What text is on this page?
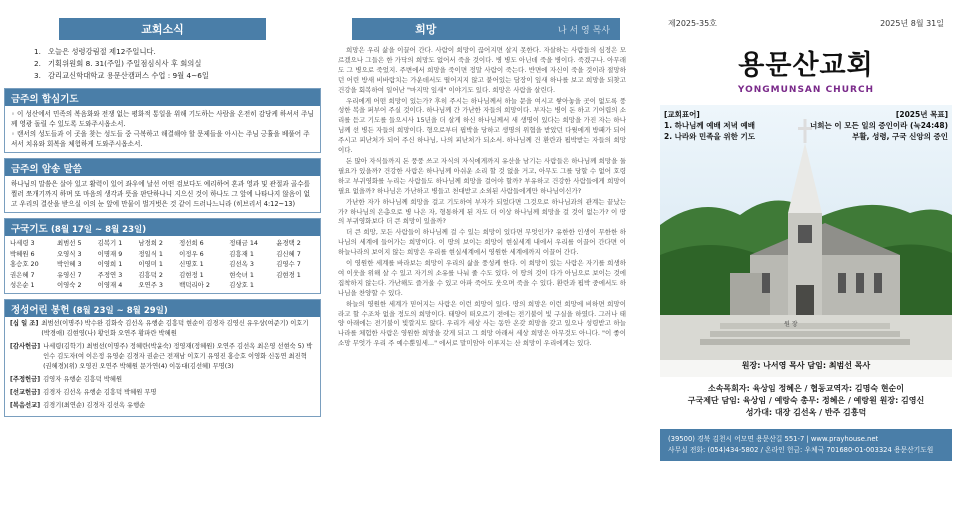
교회소식
1. 오늘은 성령강림절 제12주일니다.
2. 기획위원회 8. 31(주일) 주일점심식사 후 회의실
3. 감리교신학대학교 용문산캠퍼스 수업 : 9월 4~6일
금주의 합심기도

◦ 이 성산에서 민족의 복음화와 전쟁 없는 평화적 통일을 위해 기도하는 사람을 온전히 감당케 하셔서 주님께 영광 돌릴 수 있도록 도와주시옵소서.

◦ 랜서의 성도들과 이 곳을 찾는 성도들 중 극복하고 해결해야 할 문제들을 아시는 주님 긍휼을 베풀어 주셔서 치유와 회복을 체험하게 도와주시옵소서.

금주의 암송 말씀

하나님의 말씀은 살아 있고 활력이 있어 좌우에 날선 어떤 검보다도 예리하여 혼과 영과 및 관절과 골수를 찔러 쪼개기까지 하며 또 마음의 생각과 뜻을 판단하나니 지으신 것이 하나도 그 앞에 나타나지 않음이 없고 우리의 결산을 받으실 이의 눈 앞에 만물이 벌거벗은 것 같이 드러나느니라 (히브리서 4:12~13)

구국기도 (8월 17일 ~ 8월 23일)
나세령 3	최범선 5	김복기 1	남경희 2	정선희 6	정태금 14	윤경택 2
박혜원 6	오영식 3	이명재 9	정일식 1	이정우 6	김흥재 1	김신혜 7
홍승호 20	박인혜 3	이영희 1	이영미 1	신명호 1	김선옥 3	김영수 7
권은혜 7	유영신 7	주정연 3	김흥덕 2	김현정 1	현숙녀 1	김현경 1
성은순 1	이영숙 2	이영재 4	오연주 3	백덕리아 2	김상호 1	
정성어린 봉헌 (8월 23일 ~ 8월 29일)
[십 일 조] 최범선(이명주) 박수완 김화숙 김선옥 유행순 김흥덕 현순이 김경자 김영신 유우상(여준기) 이호기(박경애) 김현영(나) 황인화 오연주 황파란 박혜원
[감사헌금] 나세령(김학기) 최범선(이명주) 정혜란(박윤숙) 정영재(정혜원) 오연주 김선옥 최은영 선현숙 5) 박인수 김도자(여 이은정 유영순 김경자 권순근 전재남 이호기 유영진 홍승호 이영화 신동연 최진혁(권혜경)(위) 오영진 오연주 박혜원 문가연(4) 이동대(김선혜) 무명(3)
[주정헌금] 김영자 유행순 김흥덕 박혜원
[선교헌금] 김경자 김선옥 유행순 김흥덕 박혜원 무명
[복음선교] 김경기(최연순) 김경자 김선옥 유행순
희망	나 서 영 목사

희망은 우리 삶을 이끌어 간다. 사람이 희망이 끊어지면 살지 못한다. 자살하는 사람들의 심정은 모르겠으나 그들은 한 가닥의 희망도 없어서 죽을 것이다. 병 병도 아닌데 죽을 병이다. 죽겠구나. 아무래도 그 병으로 죽었지. 주변에서 희망을 죽이면 정말 사람이 죽는다. 반면에 자신이 죽을 것이라 절망하던 어린 방새 비바람치는 가운데서도 떨어지지 않고 붙어있는 담장이 잎새 하나를 보고 희망을 되찾고 건강을 회복하여 일어난 "마지막 잎새" 이야기도 있다. 희망은 사람을 살린다.

우리에게 어떤 희망이 있는가? 후히 주시는 하나님께서 하늘 문을 여시고 쌓아놓을 곳이 없도록 풍성한 복을 퍼부어 주실 것이다. 하나님께 간 가난한 자들의 희망이다. 부자는 병이 돈 하고 기어렵의 소리를 듣고 기도를 들으시사 15년을 더 살게 하신 하나님께서 새 생명이 있다는 희망을 가진 자는 하나님께 선 병든 자들의 희망이다. 형으로부터 핍박을 당하고 생명의 위협을 받았던 다윗에게 방패가 되어 주시고 피난처가 되어 주신 하나님, 나의 피난처가 되소서. 하나님께 건 환란과 핍박받는 자들의 희망이다.

돈 많아 자식들까지 돈 풍풍 쓰고 자식의 자식에게까지 유산을 남기는 사람들은 하나님께 희망을 둘 필요가 있을까? 건강한 사람은 하나님께 아쉬운 소리 할 것 없을 거고, 아무도 그를 당할 수 없어 호령하고 부귀영화를 누리는 사람들도 하나님께 희망을 걸어야 할까? 부유하고 건강한 사람들에게 희망이 필요 없을까? 하나님은 가난하고 병들고 천대받고 소외된 사람들에게만 하나님이신가?

가난한 자가 하나님께 희망을 걸고 기도하여 부자가 되었다면 그것으로 하나님과의 관계는 끝났는가? 하나님의 은총으로 병 나은 자, 형통하게 된 자도 더 이상 하나님께 희망을 걸 것이 없는가? 이 땅의 부귀영화보다 더 큰 희망이 있을까?

더 큰 희망, 모든 사람들이 하나님께 걸 수 있는 희망이 있다면 무엇인가? 유한한 인생이 무한한 하나님의 세계에 들어가는 희망이다. 이 땅의 보이는 희망이 현실세계 내에서 우리를 이끌어 간다면 이 하늘나라의 보이지 않는 희망은 우리를 현실세계에서 영원한 세계에까지 이끌어 간다.

이 영원한 세계를 바라보는 희망이 우리의 삶을 풍성케 한다. 이 희망이 있는 사람은 자기를 희생하여 이웃을 위해 살 수 있고 자기의 소유를 나눠 줄 수도 있다. 이 땅의 것이 다가 아님으로 보이는 것에 집착하지 않는다. 가난해도 즐거울 수 있고 아파 죽어도 웃으며 죽을 수 있다. 환란과 핍박 중에서도 하나님을 찬양할 수 있다.

하늘의 영원한 세계가 믿어지는 사람은 이런 희망이 있다. 땅의 희망은 이런 희망에 비하면 희망이라고 할 수조차 없을 정도의 희망이다. 태양이 떠오르기 전에는 전기불이 빛 구실을 하였다. 그러나 태양 아래에는 전기불이 빛깔지도 않다. 우리가 세상 사는 동안 온갖 희망을 갖고 있으나 성령받고 하늘나라를 체험한 사람은 영원한 희망을 갖게 되고 그 희망 아래서 세상 희망은 아무것도 아니다. "이 좋이 소망 무엇가 우리 주 예수뿐일세..." 에서로 말미암아 이루지는 산 희망이 우리에게는 있다.

제2025-35호	2025년 8월 31일
용문산교회
YONGMUNSAN CHURCH
[교회표어]
1. 하나님께 예배 저녁 예배
2. 나라와 민족을 위한 기도
[2025년 목표]
너희는 이 모든 일의 증인이라 (눅24:48)
부활, 성령, 구국 신앙의 증인
원 장
원장: 나서영 목사 담임: 최범선 목사
소속목회자: 육상임 정혜은 / 협동교역자: 김명숙 현순이
구국제단 담임: 육상임 / 예랑숙 총무: 정혜은 / 예랑원 원장: 김영신
성가대: 대장 김선옥 / 반주 김흥덕
(39500) 경북 김천시 어모면 용문산길 551-7 | www.prayhouse.net
사무실 전화: (054)434-5802 / 온라인 헌금: 우체국 701680-01-003324 용문산기도원
